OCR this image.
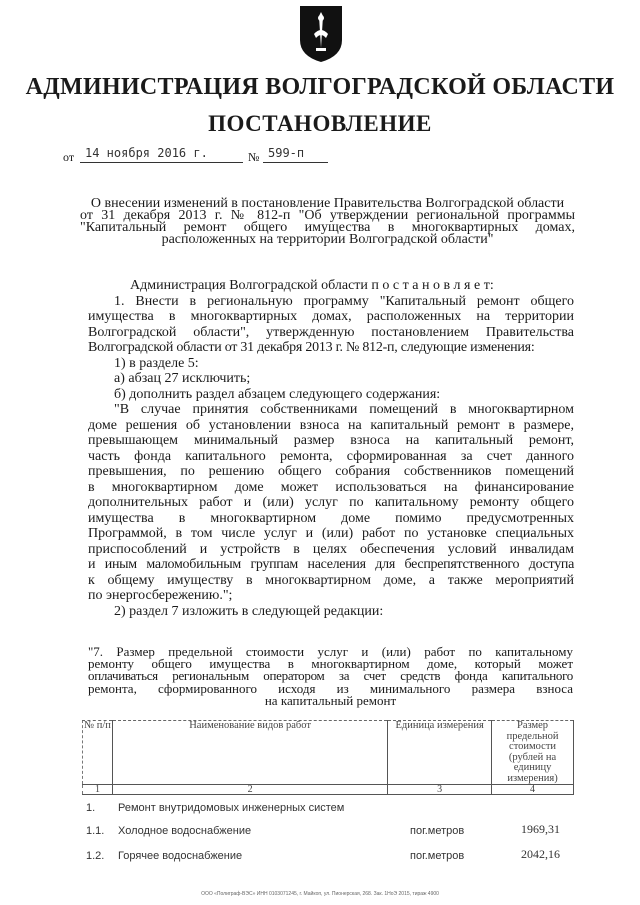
АДМИНИСТРАЦИЯ ВОЛГОГРАДСКОЙ ОБЛАСТИ
ПОСТАНОВЛЕНИЕ
от 14 ноября 2016 г.	№ 599-п
О внесении изменений в постановление Правительства Волгоградской области
от 31 декабря 2013 г. № 812-п "Об утверждении региональной программы
"Капитальный ремонт общего имущества в многоквартирных домах,
расположенных на территории Волгоградской области"
Администрация Волгоградской области п о с т а н о в л я е т:
1. Внести в региональную программу "Капитальный ремонт общего
имущества в многоквартирных домах, расположенных на территории
Волгоградской области", утвержденную постановлением Правительства
Волгоградской области от 31 декабря 2013 г. № 812-п, следующие изменения:
1) в разделе 5:
а) абзац 27 исключить;
б) дополнить раздел абзацем следующего содержания:
"В случае принятия собственниками помещений в многоквартирном
доме решения об установлении взноса на капитальный ремонт в размере,
превышающем минимальный размер взноса на капитальный ремонт,
часть фонда капитального ремонта, сформированная за счет данного
превышения, по решению общего собрания собственников помещений
в многоквартирном доме может использоваться на финансирование
дополнительных работ и (или) услуг по капитальному ремонту общего
имущества в многоквартирном доме помимо предусмотренных
Программой, в том числе услуг и (или) работ по установке специальных
приспособлений и устройств в целях обеспечения условий инвалидам
и иным маломобильным группам населения для беспрепятственного доступа
к общему имуществу в многоквартирном доме, а также мероприятий
по энергосбережению.";
2) раздел 7 изложить в следующей редакции:
"7. Размер предельной стоимости услуг и (или) работ по капитальному
ремонту общего имущества в многоквартирном доме, который может
оплачиваться региональным оператором за счет средств фонда капитального
ремонта, сформированного исходя из минимального размера взноса
на капитальный ремонт
№ п/п	Наименование видов работ	Единица измерения	Размер предельной стоимости (рублей на единицу измерения)
1	2	3	4
1. Ремонт внутридомовых инженерных систем
1.1. Холодное водоснабжение	пог.метров	1969,31
1.2. Горячее водоснабжение	пог.метров	2042,16
ООО «Полиграф-ВЭС» ИНН 0103071245, г. Майкоп, ул. Пионерская, 268. Зак. 1НоЭ 2015, тираж 4900
